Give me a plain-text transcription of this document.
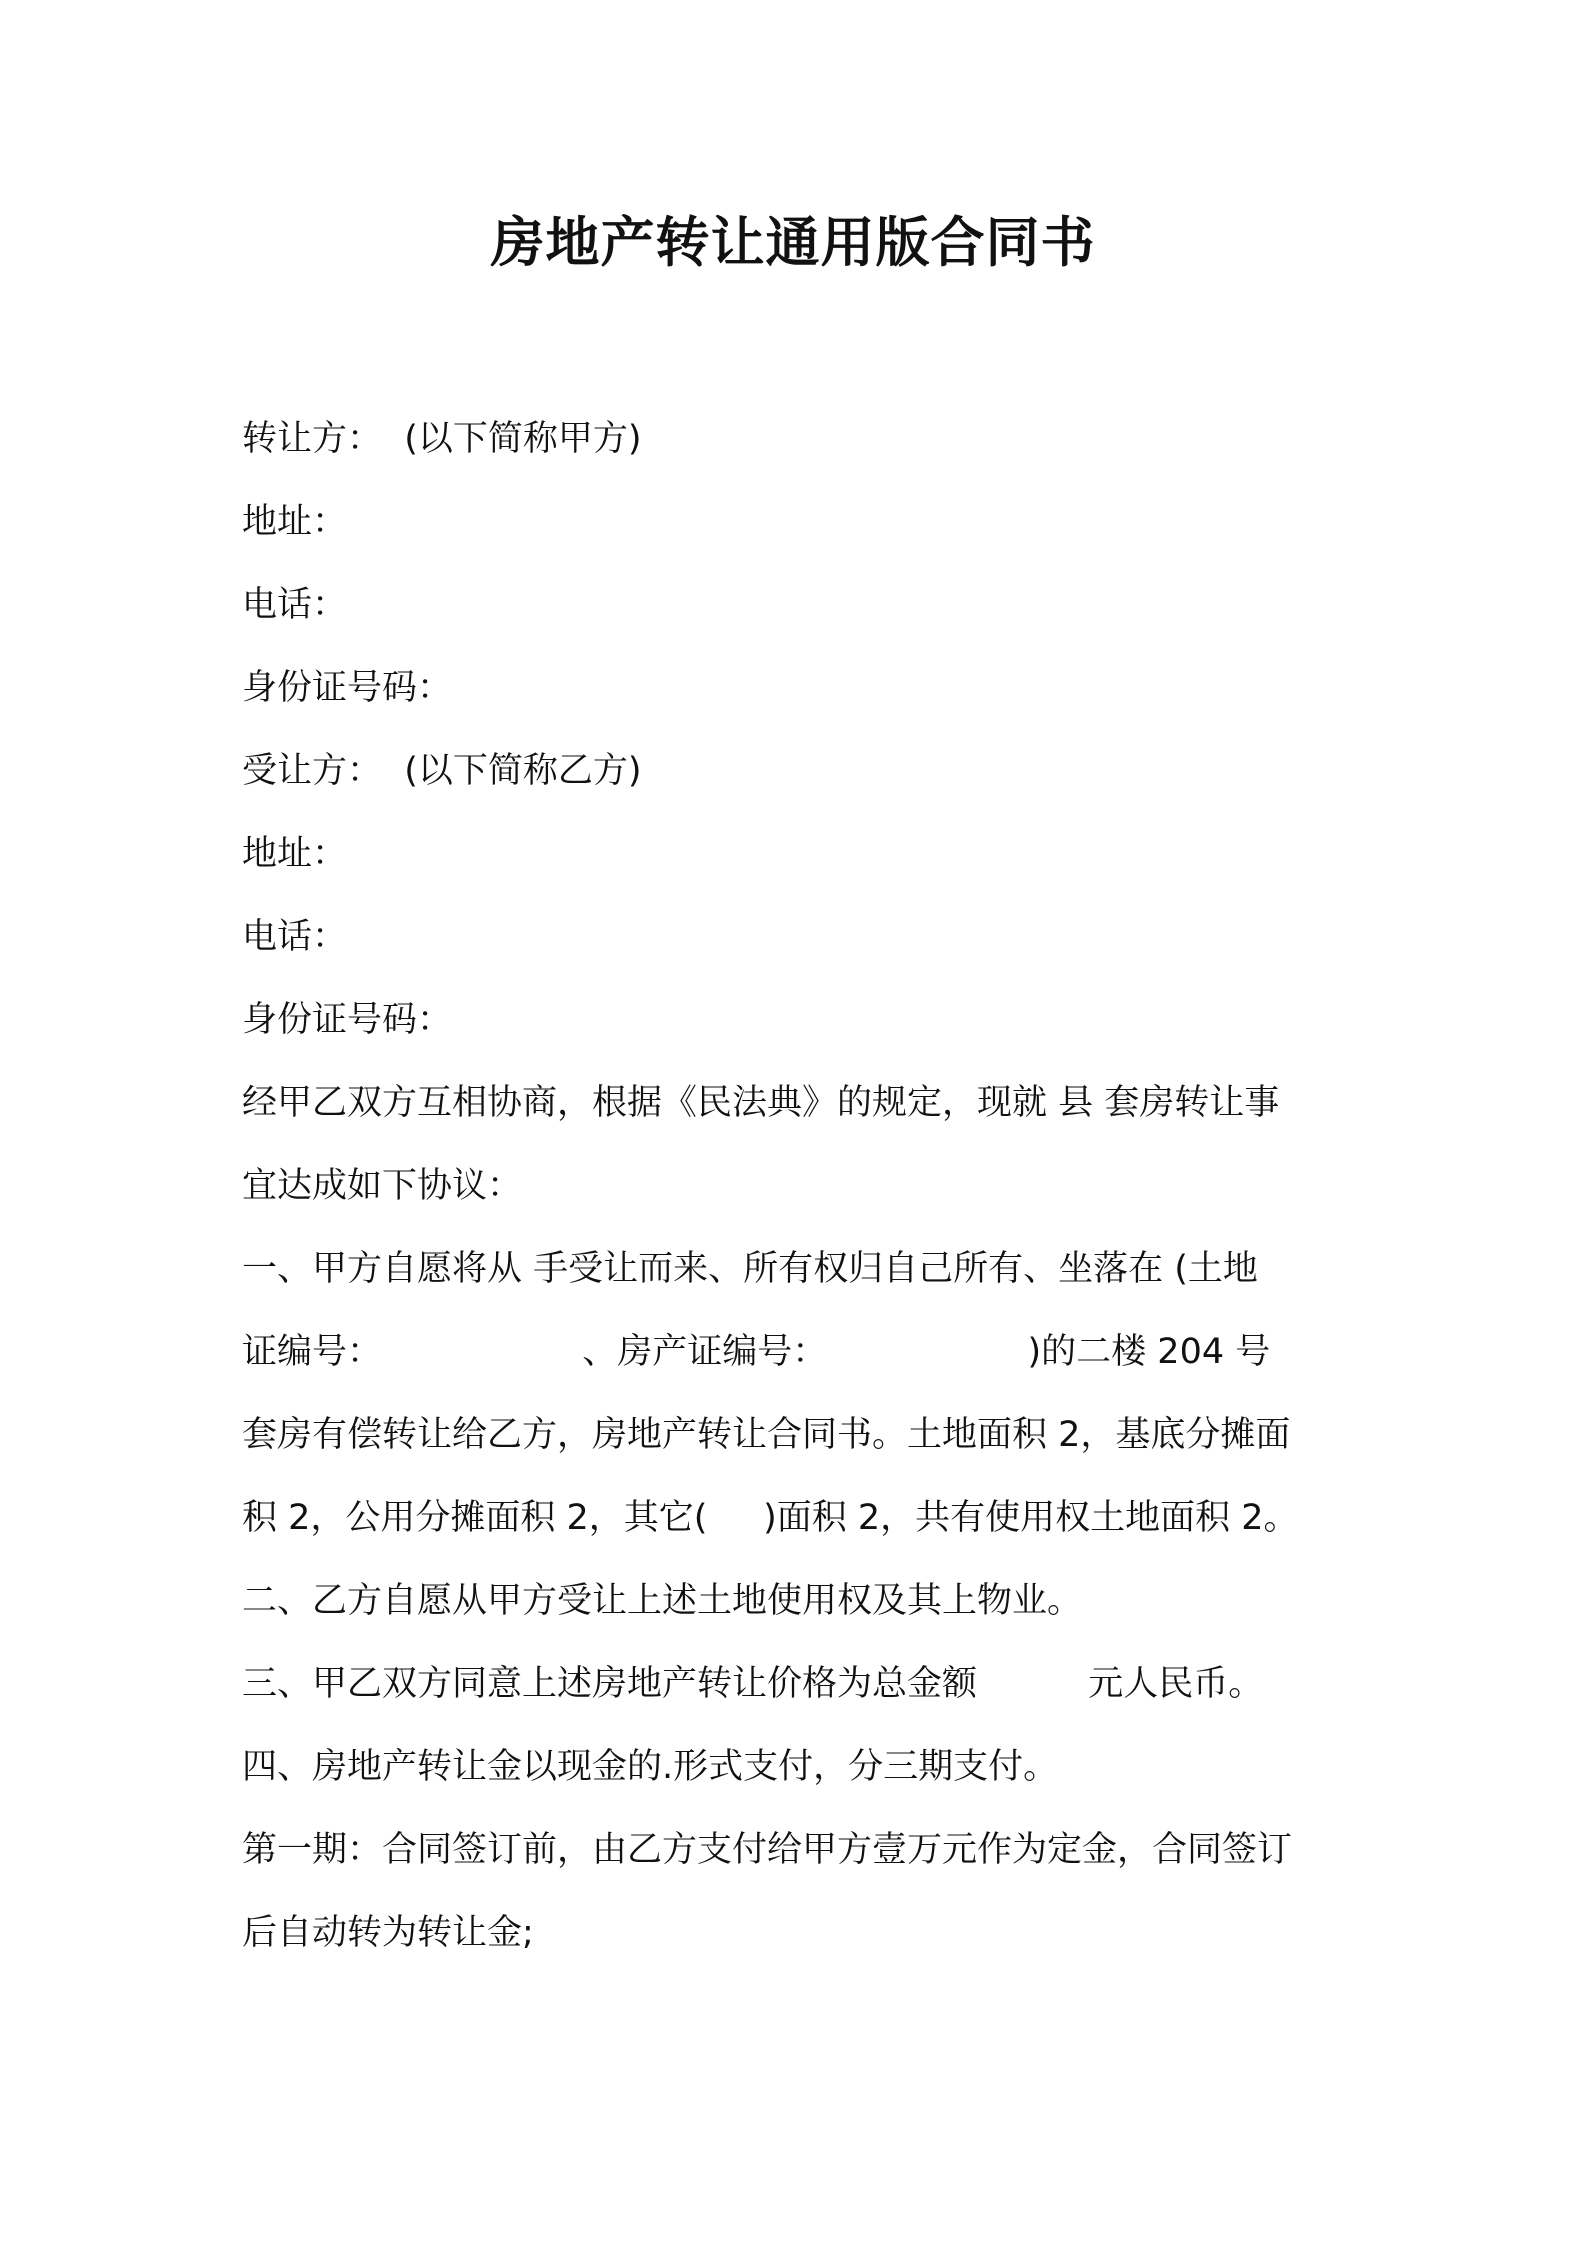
房地产转让通用版合同书
转让方：  (以下简称甲方)
地址：
电话：
身份证号码：
受让方：  (以下简称乙方)
地址：
电话：
身份证号码：
经甲乙双方互相协商，根据《民法典》的规定，现就 县 套房转让事
宜达成如下协议：
一、甲方自愿将从 手受让而来、所有权归自己所有、坐落在 (土地
证编号：                  、房产证编号：                  )的二楼 204 号
套房有偿转让给乙方，房地产转让合同书。土地面积 2，基底分摊面
积 2，公用分摊面积 2，其它(     )面积 2，共有使用权土地面积 2。
二、乙方自愿从甲方受让上述土地使用权及其上物业。
三、甲乙双方同意上述房地产转让价格为总金额          元人民币。
四、房地产转让金以现金的.形式支付，分三期支付。
第一期：合同签订前，由乙方支付给甲方壹万元作为定金，合同签订
后自动转为转让金;
